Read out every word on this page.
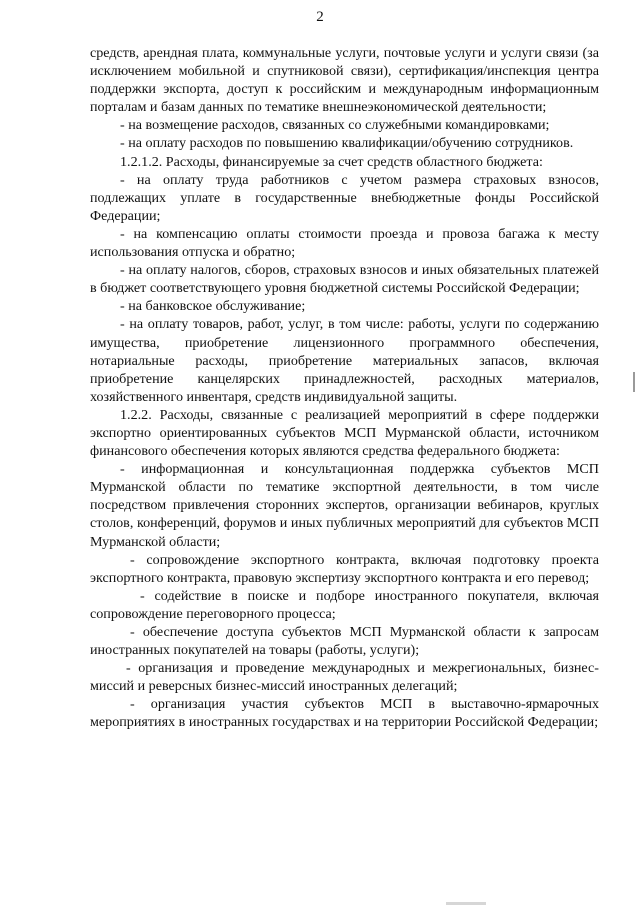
2

средств, арендная плата, коммунальные услуги, почтовые услуги и услуги связи (за исключением мобильной и спутниковой связи), сертификация/инспекция центра поддержки экспорта, доступ к российским и международным информационным порталам и базам данных по тематике внешнеэкономической деятельности;

- на возмещение расходов, связанных со служебными командировками;

- на оплату расходов по повышению квалификации/обучению сотрудников.

1.2.1.2. Расходы, финансируемые за счет средств областного бюджета:

- на оплату труда работников с учетом размера страховых взносов, подлежащих уплате в государственные внебюджетные фонды Российской Федерации;

- на компенсацию оплаты стоимости проезда и провоза багажа к месту использования отпуска и обратно;

- на оплату налогов, сборов, страховых взносов и иных обязательных платежей в бюджет соответствующего уровня бюджетной системы Российской Федерации;

- на банковское обслуживание;

- на оплату товаров, работ, услуг, в том числе: работы, услуги по содержанию имущества, приобретение лицензионного программного обеспечения, нотариальные расходы, приобретение материальных запасов, включая приобретение канцелярских принадлежностей, расходных материалов, хозяйственного инвентаря, средств индивидуальной защиты.

1.2.2. Расходы, связанные с реализацией мероприятий в сфере поддержки экспортно ориентированных субъектов МСП Мурманской области, источником финансового обеспечения которых являются средства федерального бюджета:

- информационная и консультационная поддержка субъектов МСП Мурманской области по тематике экспортной деятельности, в том числе посредством привлечения сторонних экспертов, организации вебинаров, круглых столов, конференций, форумов и иных публичных мероприятий для субъектов МСП Мурманской области;

- сопровождение экспортного контракта, включая подготовку проекта экспортного контракта, правовую экспертизу экспортного контракта и его перевод;

- содействие в поиске и подборе иностранного покупателя, включая сопровождение переговорного процесса;

- обеспечение доступа субъектов МСП Мурманской области к запросам иностранных покупателей на товары (работы, услуги);

- организация и проведение международных и межрегиональных, бизнес-миссий и реверсных бизнес-миссий иностранных делегаций;

- организация участия субъектов МСП в выставочно-ярмарочных мероприятиях в иностранных государствах и на территории Российской Федерации;
